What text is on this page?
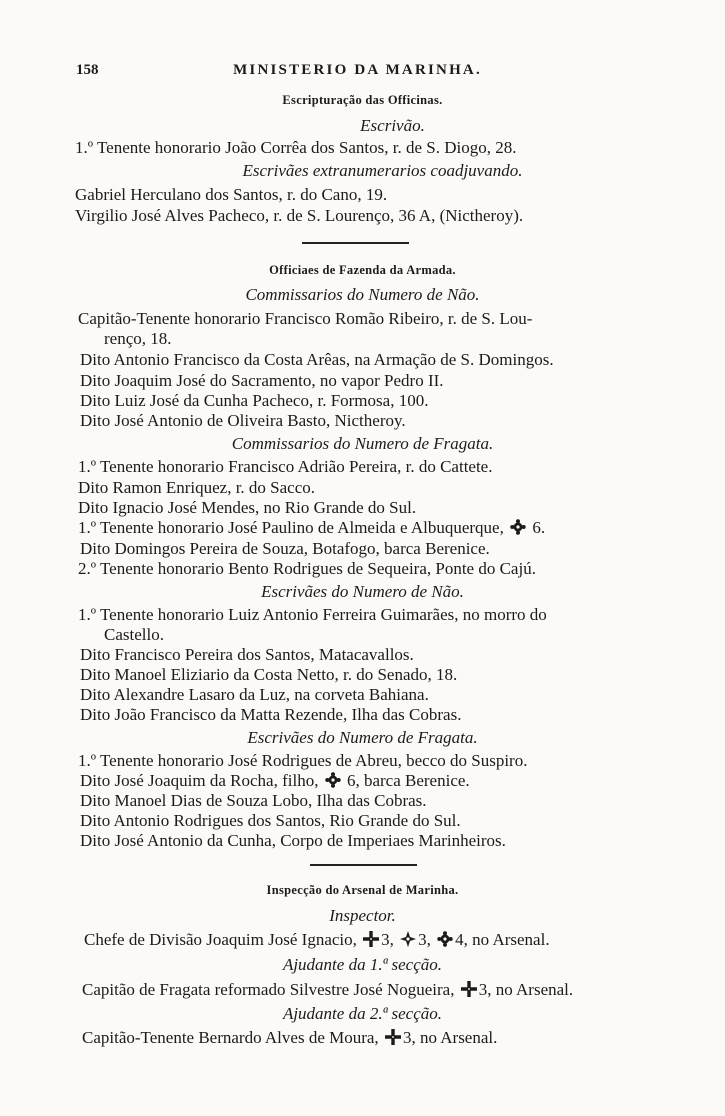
158	MINISTERIO DA MARINHA.
Escripturação das Officinas.
Escrivão.
1.º Tenente honorario João Corrêa dos Santos, r. de S. Diogo, 28.
Escrivães extranumerarios coadjuvando.
Gabriel Herculano dos Santos, r. do Cano, 19.
Virgilio José Alves Pacheco, r. de S. Lourenço, 36 A, (Nictheroy).
Officiaes de Fazenda da Armada.
Commissarios do Numero de Não.
Capitão-Tenente honorario Francisco Romão Ribeiro, r. de S. Lou-
renço, 18.
Dito Antonio Francisco da Costa Arêas, na Armação de S. Domingos.
Dito Joaquim José do Sacramento, no vapor Pedro II.
Dito Luiz José da Cunha Pacheco, r. Formosa, 100.
Dito José Antonio de Oliveira Basto, Nictheroy.
Commissarios do Numero de Fragata.
1.º Tenente honorario Francisco Adrião Pereira, r. do Cattete.
Dito Ramon Enriquez, r. do Sacco.
Dito Ignacio José Mendes, no Rio Grande do Sul.
1.º Tenente honorario José Paulino de Almeida e Albuquerque, 6.
Dito Domingos Pereira de Souza, Botafogo, barca Berenice.
2.º Tenente honorario Bento Rodrigues de Sequeira, Ponte do Cajú.
Escrivães do Numero de Não.
1.º Tenente honorario Luiz Antonio Ferreira Guimarães, no morro do
Castello.
Dito Francisco Pereira dos Santos, Matacavallos.
Dito Manoel Eliziario da Costa Netto, r. do Senado, 18.
Dito Alexandre Lasaro da Luz, na corveta Bahiana.
Dito João Francisco da Matta Rezende, Ilha das Cobras.
Escrivães do Numero de Fragata.
1.º Tenente honorario José Rodrigues de Abreu, becco do Suspiro.
Dito José Joaquim da Rocha, filho, 6, barca Berenice.
Dito Manoel Dias de Souza Lobo, Ilha das Cobras.
Dito Antonio Rodrigues dos Santos, Rio Grande do Sul.
Dito José Antonio da Cunha, Corpo de Imperiaes Marinheiros.
Inspecção do Arsenal de Marinha.
Inspector.
Chefe de Divisão Joaquim José Ignacio, 3, 3, 4, no Arsenal.
Ajudante da 1.ª secção.
Capitão de Fragata reformado Silvestre José Nogueira, 3, no Arsenal.
Ajudante da 2.ª secção.
Capitão-Tenente Bernardo Alves de Moura, 3, no Arsenal.
